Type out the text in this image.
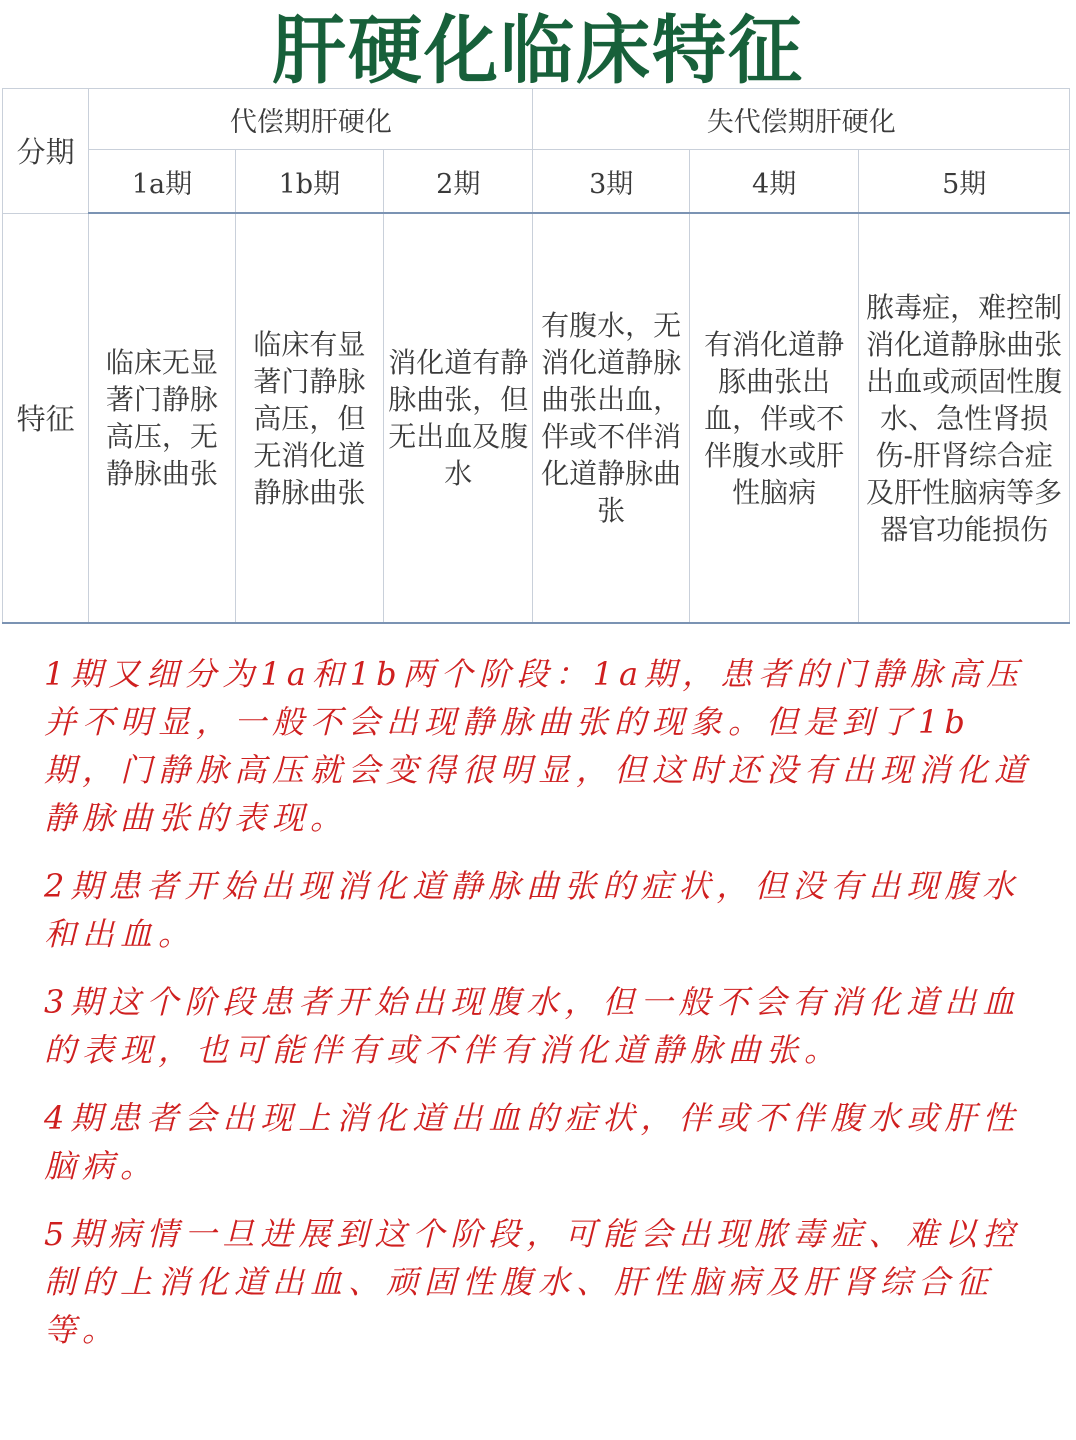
肝硬化临床特征
分期	代偿期肝硬化			失代偿期肝硬化		
	1a期	1b期	2期	3期	4期	5期
特征	临床无显著门静脉高压，无静脉曲张	临床有显著门静脉高压，但无消化道静脉曲张	消化道有静脉曲张，但无出血及腹水	有腹水，无消化道静脉曲张出血，伴或不伴消化道静脉曲张	有消化道静豚曲张出血，伴或不伴腹水或肝性脑病	脓毒症，难控制消化道静脉曲张出血或顽固性腹水、急性肾损伤-肝肾综合症及肝性脑病等多器官功能损伤

1期又细分为1a和1b两个阶段：1a期，患者的门静脉高压并不明显，一般不会出现静脉曲张的现象。但是到了1b期，门静脉高压就会变得很明显，但这时还没有出现消化道静脉曲张的表现。

2期患者开始出现消化道静脉曲张的症状，但没有出现腹水和出血。

3期这个阶段患者开始出现腹水，但一般不会有消化道出血的表现，也可能伴有或不伴有消化道静脉曲张。

4期患者会出现上消化道出血的症状，伴或不伴腹水或肝性脑病。

5期病情一旦进展到这个阶段，可能会出现脓毒症、难以控制的上消化道出血、顽固性腹水、肝性脑病及肝肾综合征等。
